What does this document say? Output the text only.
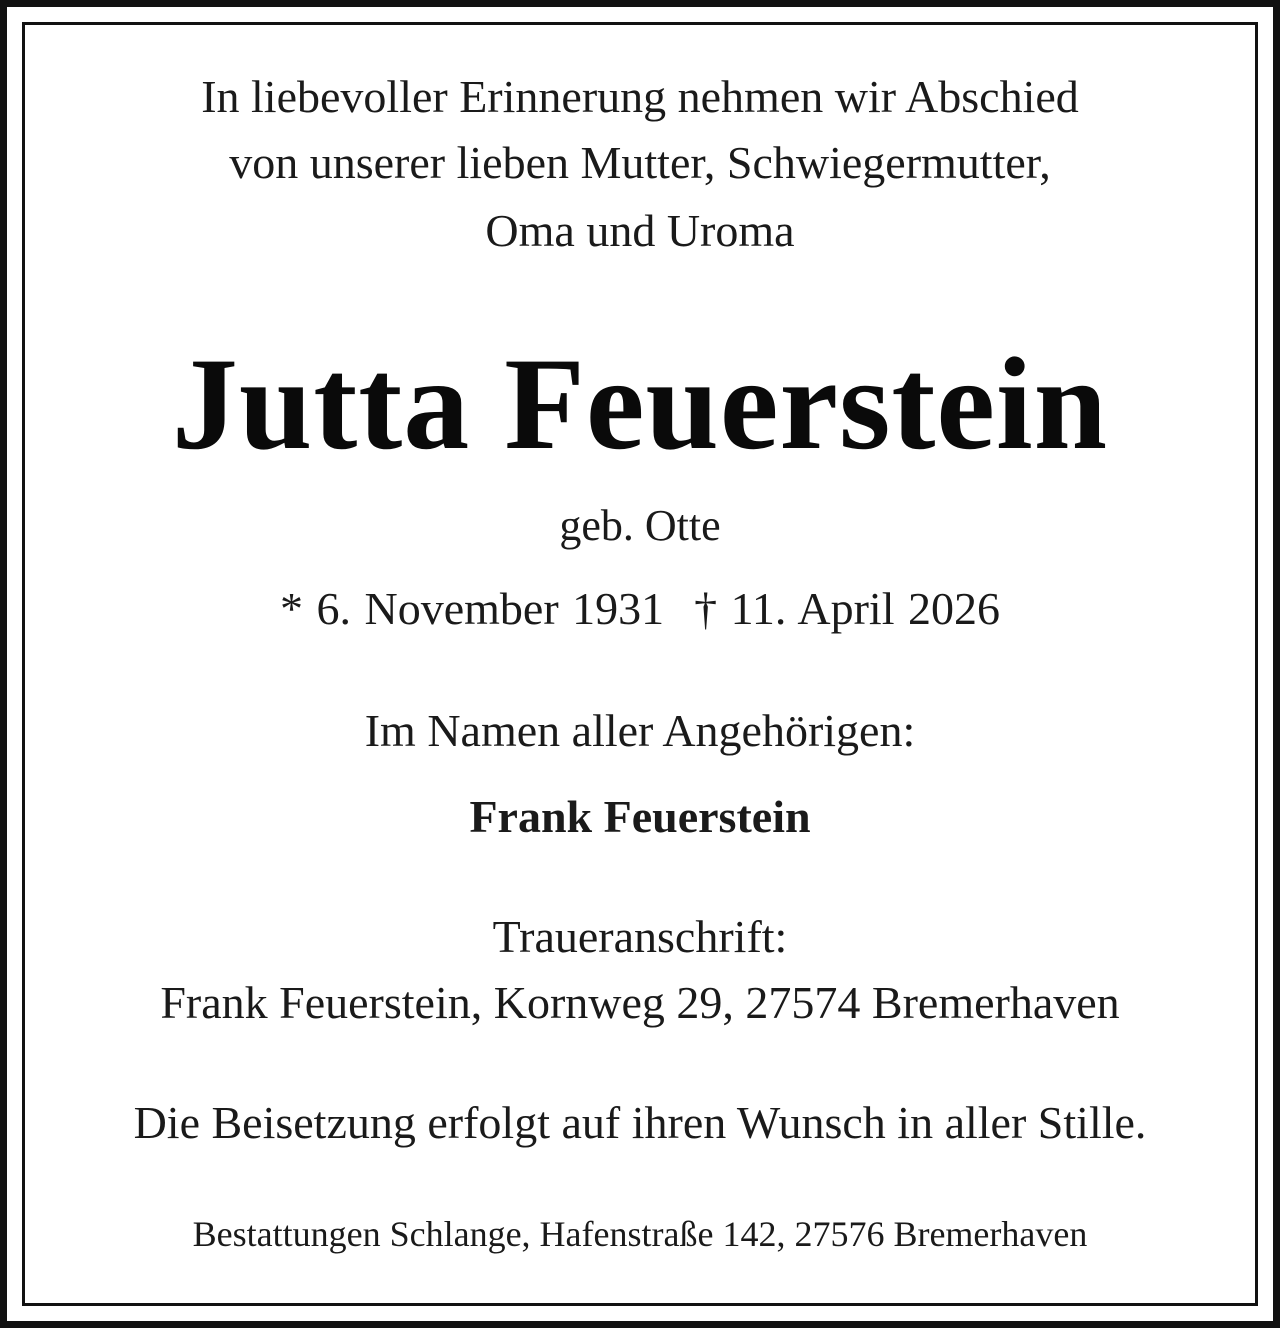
In liebevoller Erinnerung nehmen wir Abschied
von unserer lieben Mutter, Schwiegermutter,
Oma und Uroma
Jutta Feuerstein
geb. Otte
* 6. November 1931 † 11. April 2026
Im Namen aller Angehörigen:
Frank Feuerstein
Traueranschrift:
Frank Feuerstein, Kornweg 29, 27574 Bremerhaven
Die Beisetzung erfolgt auf ihren Wunsch in aller Stille.
Bestattungen Schlange, Hafenstraße 142, 27576 Bremerhaven
